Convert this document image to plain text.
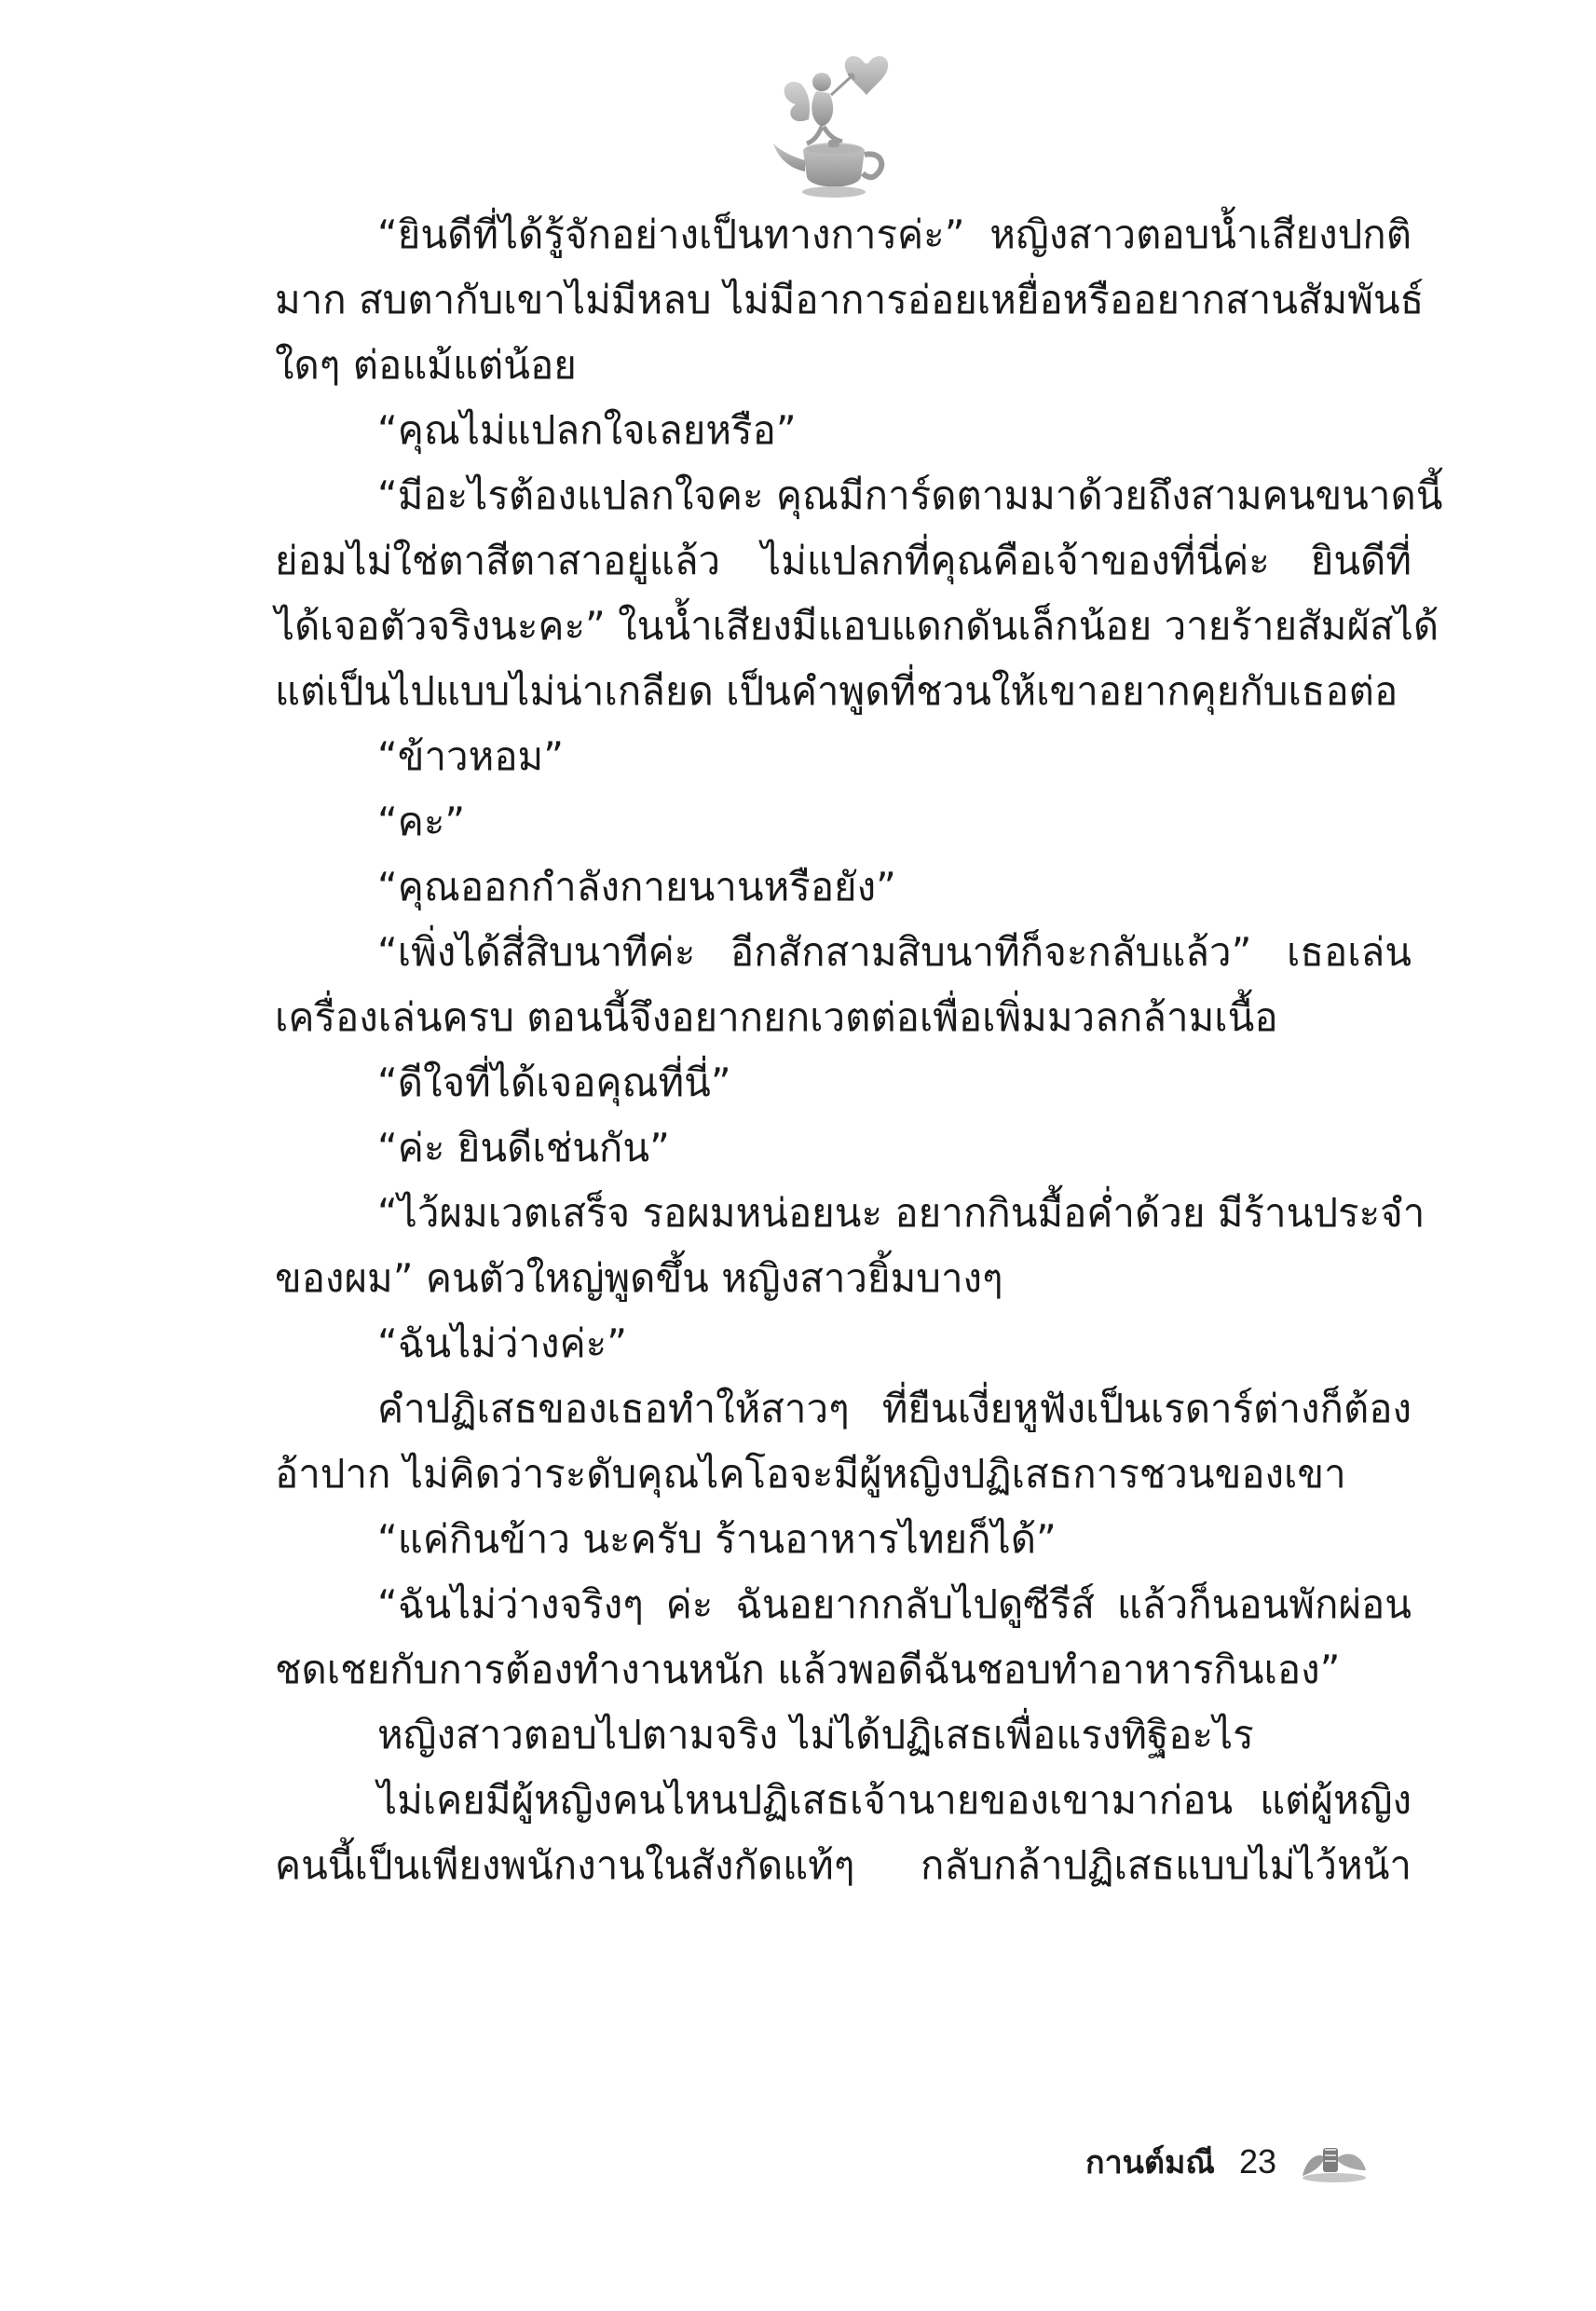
“ยินดีที่ได้รู้จักอย่างเป็นทางการค่ะ” หญิงสาวตอบน้ำเสียงปกติ
มาก สบตากับเขาไม่มีหลบ ไม่มีอาการอ่อยเหยื่อหรืออยากสานสัมพันธ์
ใดๆ ต่อแม้แต่น้อย
“คุณไม่แปลกใจเลยหรือ”
“มีอะไรต้องแปลกใจคะ คุณมีการ์ดตามมาด้วยถึงสามคนขนาดนี้
ย่อมไม่ใช่ตาสีตาสาอยู่แล้ว ไม่แปลกที่คุณคือเจ้าของที่นี่ค่ะ ยินดีที่
ได้เจอตัวจริงนะคะ” ในน้ำเสียงมีแอบแดกดันเล็กน้อย วายร้ายสัมผัสได้
แต่เป็นไปแบบไม่น่าเกลียด เป็นคำพูดที่ชวนให้เขาอยากคุยกับเธอต่อ
“ข้าวหอม”
“คะ”
“คุณออกกำลังกายนานหรือยัง”
“เพิ่งได้สี่สิบนาทีค่ะ อีกสักสามสิบนาทีก็จะกลับแล้ว” เธอเล่น
เครื่องเล่นครบ ตอนนี้จึงอยากยกเวตต่อเพื่อเพิ่มมวลกล้ามเนื้อ
“ดีใจที่ได้เจอคุณที่นี่”
“ค่ะ ยินดีเช่นกัน”
“ไว้ผมเวตเสร็จ รอผมหน่อยนะ อยากกินมื้อค่ำด้วย มีร้านประจำ
ของผม” คนตัวใหญ่พูดขึ้น หญิงสาวยิ้มบางๆ
“ฉันไม่ว่างค่ะ”
คำปฏิเสธของเธอทำให้สาวๆ ที่ยืนเงี่ยหูฟังเป็นเรดาร์ต่างก็ต้อง
อ้าปาก ไม่คิดว่าระดับคุณไคโอจะมีผู้หญิงปฏิเสธการชวนของเขา
“แค่กินข้าว นะครับ ร้านอาหารไทยก็ได้”
“ฉันไม่ว่างจริงๆ ค่ะ ฉันอยากกลับไปดูซีรีส์ แล้วก็นอนพักผ่อน
ชดเชยกับการต้องทำงานหนัก แล้วพอดีฉันชอบทำอาหารกินเอง”
หญิงสาวตอบไปตามจริง ไม่ได้ปฏิเสธเพื่อแรงทิฐิอะไร
ไม่เคยมีผู้หญิงคนไหนปฏิเสธเจ้านายของเขามาก่อน แต่ผู้หญิง
คนนี้เป็นเพียงพนักงานในสังกัดแท้ๆ กลับกล้าปฏิเสธแบบไม่ไว้หน้า
กานต์มณี 23
